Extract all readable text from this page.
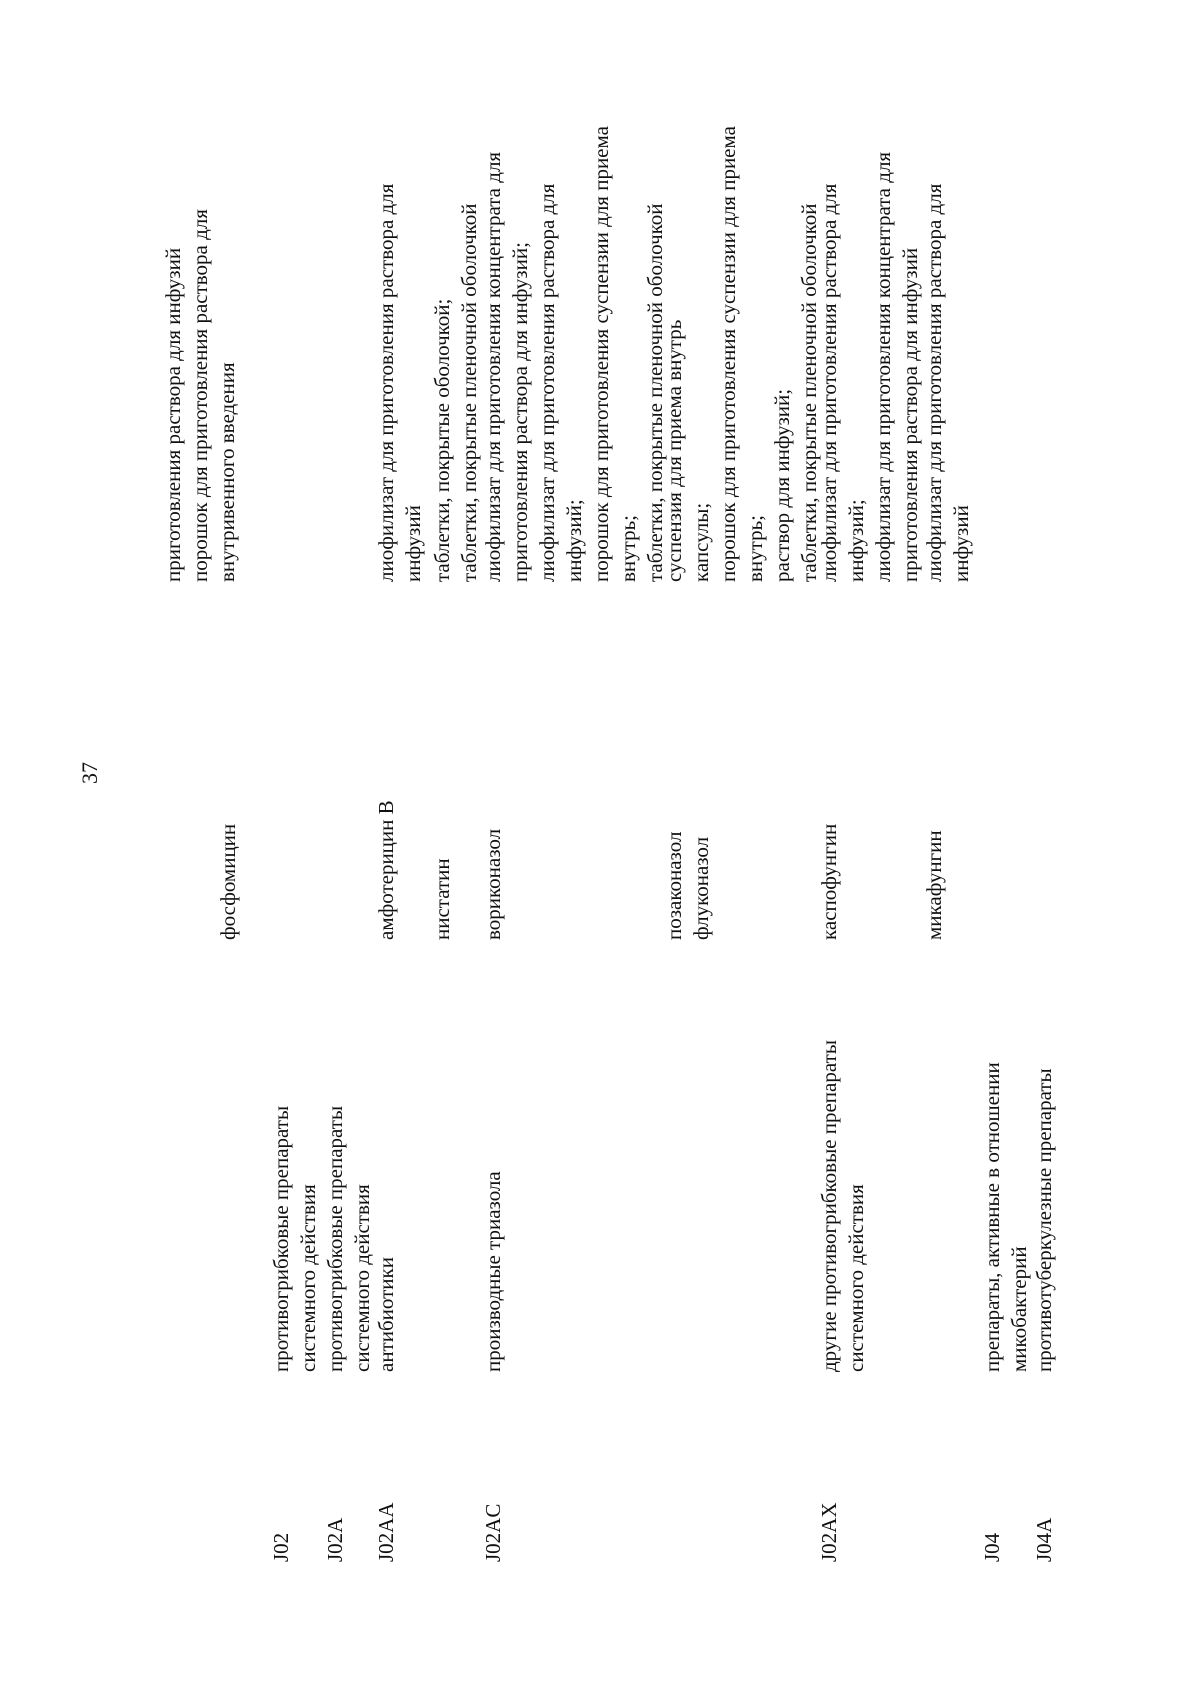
37
приготовления раствора для инфузий порошок для приготовления раствора для внутривенного введения
фосфомицин
J02
противогрибковые препараты системного действия
J02A
противогрибковые препараты системного действия
J02AA
антибиотики
амфотерицин В
лиофилизат для приготовления раствора для инфузий
нистатин
таблетки, покрытые оболочкой; таблетки, покрытые пленочной оболочкой
J02AC
производные триазола
вориконазол
лиофилизат для приготовления концентрата для приготовления раствора для инфузий; лиофилизат для приготовления раствора для инфузий; порошок для приготовления суспензии для приема внутрь; таблетки, покрытые пленочной оболочкой
позаконазол
суспензия для приема внутрь
флуконазол
капсулы; порошок для приготовления суспензии для приема внутрь; раствор для инфузий; таблетки, покрытые пленочной оболочкой
J02AX
другие противогрибковые препараты системного действия
каспофунгин
лиофилизат для приготовления раствора для инфузий; лиофилизат для приготовления концентрата для приготовления раствора для инфузий
микафунгин
лиофилизат для приготовления раствора для инфузий
J04
препараты, активные в отношении микобактерий
J04A
противотуберкулезные препараты
